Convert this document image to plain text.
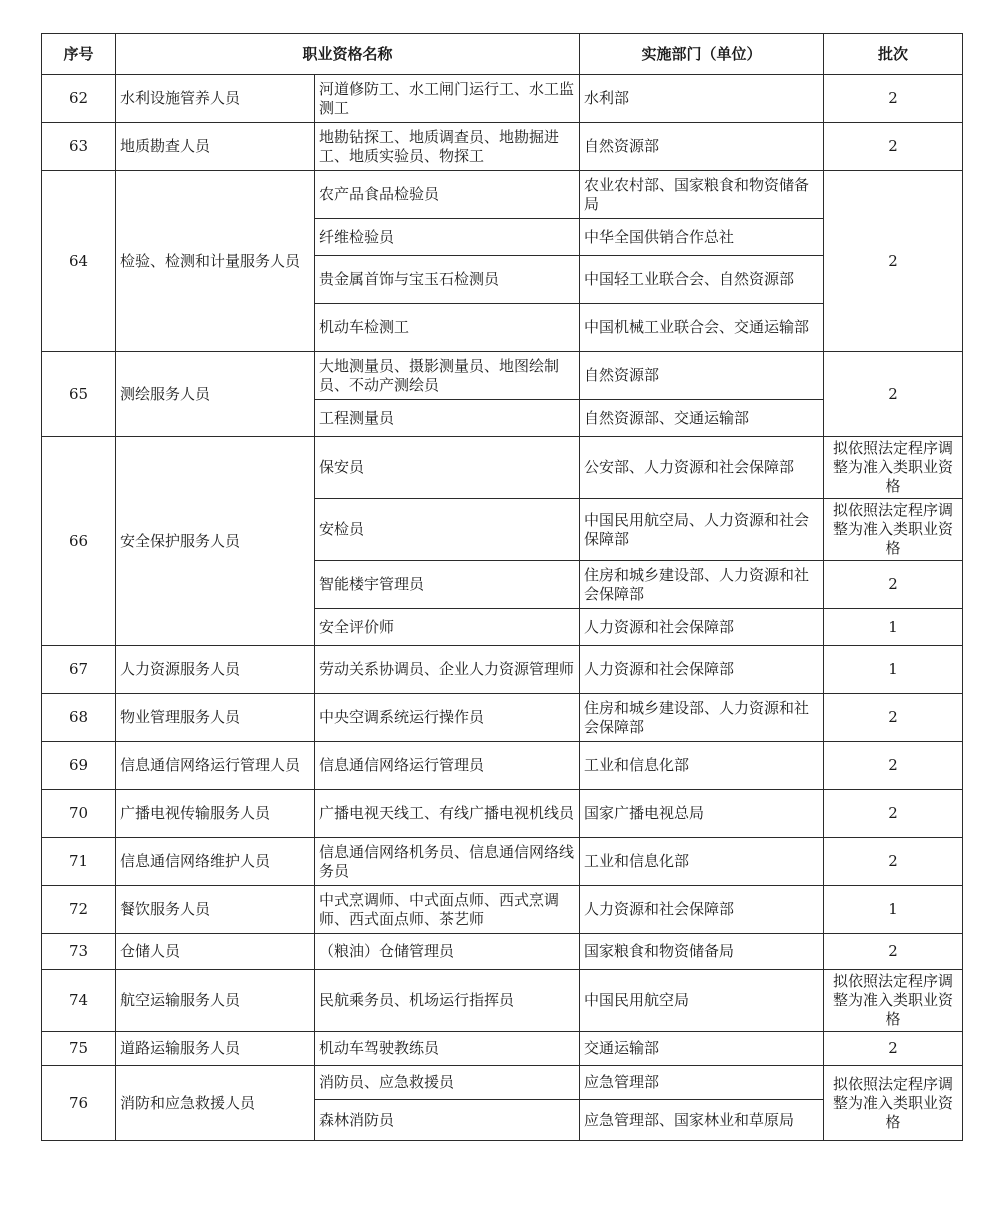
序号	职业资格名称		实施部门（单位）	批次
62	水利设施管养人员	河道修防工、水工闸门运行工、水工监测工	水利部	2
63	地质勘查人员	地勘钻探工、地质调查员、地勘掘进工、地质实验员、物探工	自然资源部	2
64	检验、检测和计量服务人员	农产品食品检验员	农业农村部、国家粮食和物资储备局	2
		纤维检验员	中华全国供销合作总社	
		贵金属首饰与宝玉石检测员	中国轻工业联合会、自然资源部	
		机动车检测工	中国机械工业联合会、交通运输部	
65	测绘服务人员	大地测量员、摄影测量员、地图绘制员、不动产测绘员	自然资源部	2
		工程测量员	自然资源部、交通运输部	
66	安全保护服务人员	保安员	公安部、人力资源和社会保障部	拟依照法定程序调整为准入类职业资格
		安检员	中国民用航空局、人力资源和社会保障部	拟依照法定程序调整为准入类职业资格
		智能楼宇管理员	住房和城乡建设部、人力资源和社会保障部	2
		安全评价师	人力资源和社会保障部	1
67	人力资源服务人员	劳动关系协调员、企业人力资源管理师	人力资源和社会保障部	1
68	物业管理服务人员	中央空调系统运行操作员	住房和城乡建设部、人力资源和社会保障部	2
69	信息通信网络运行管理人员	信息通信网络运行管理员	工业和信息化部	2
70	广播电视传输服务人员	广播电视天线工、有线广播电视机线员	国家广播电视总局	2
71	信息通信网络维护人员	信息通信网络机务员、信息通信网络线务员	工业和信息化部	2
72	餐饮服务人员	中式烹调师、中式面点师、西式烹调师、西式面点师、茶艺师	人力资源和社会保障部	1
73	仓储人员	（粮油）仓储管理员	国家粮食和物资储备局	2
74	航空运输服务人员	民航乘务员、机场运行指挥员	中国民用航空局	拟依照法定程序调整为准入类职业资格
75	道路运输服务人员	机动车驾驶教练员	交通运输部	2
76	消防和应急救援人员	消防员、应急救援员	应急管理部	拟依照法定程序调整为准入类职业资格
		森林消防员	应急管理部、国家林业和草原局	
